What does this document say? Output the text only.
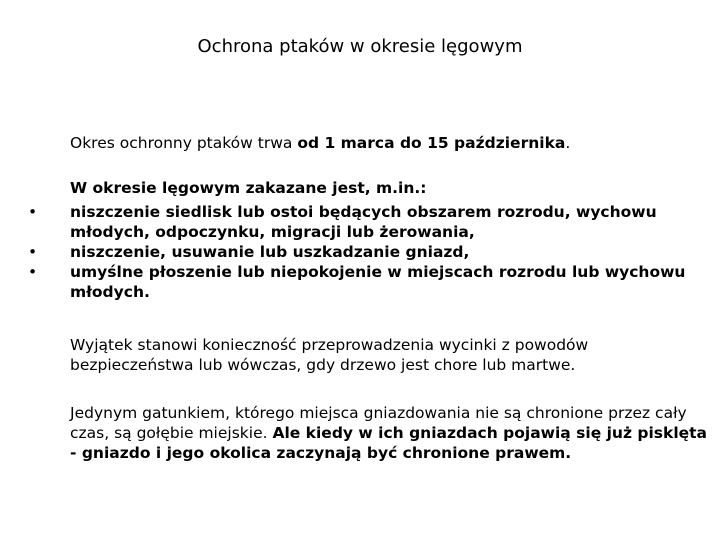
Ochrona ptaków w okresie lęgowym
Okres ochronny ptaków trwa od 1 marca do 15 października.
W okresie lęgowym zakazane jest, m.in.:
• niszczenie siedlisk lub ostoi będących obszarem rozrodu, wychowu młodych, odpoczynku, migracji lub żerowania,
• niszczenie, usuwanie lub uszkadzanie gniazd,
• umyślne płoszenie lub niepokojenie w miejscach rozrodu lub wychowu młodych.
Wyjątek stanowi konieczność przeprowadzenia wycinki z powodów bezpieczeństwa lub wówczas, gdy drzewo jest chore lub martwe.
Jedynym gatunkiem, którego miejsca gniazdowania nie są chronione przez cały czas, są gołębie miejskie. Ale kiedy w ich gniazdach pojawią się już pisklęta - gniazdo i jego okolica zaczynają być chronione prawem.
